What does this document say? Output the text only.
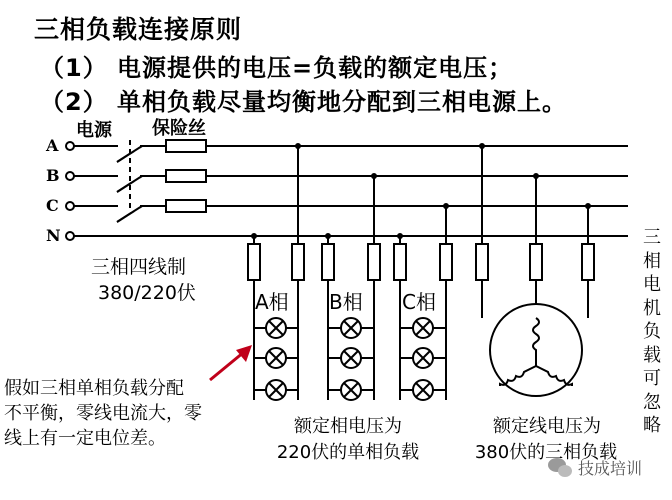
三相负载连接原则
（1） 电源提供的电压=负载的额定电压；
（2） 单相负载尽量均衡地分配到三相电源上。
电源 保险丝
A
B
C
N
三相四线制
380/220伏	A相 B相 C相
三相电机负载可忽略
假如三相单相负载分配
不平衡，零线电流大，零
线上有一定电位差。
额定相电压为
220伏的单相负载
额定线电压为
380伏的三相负载
技成培训
